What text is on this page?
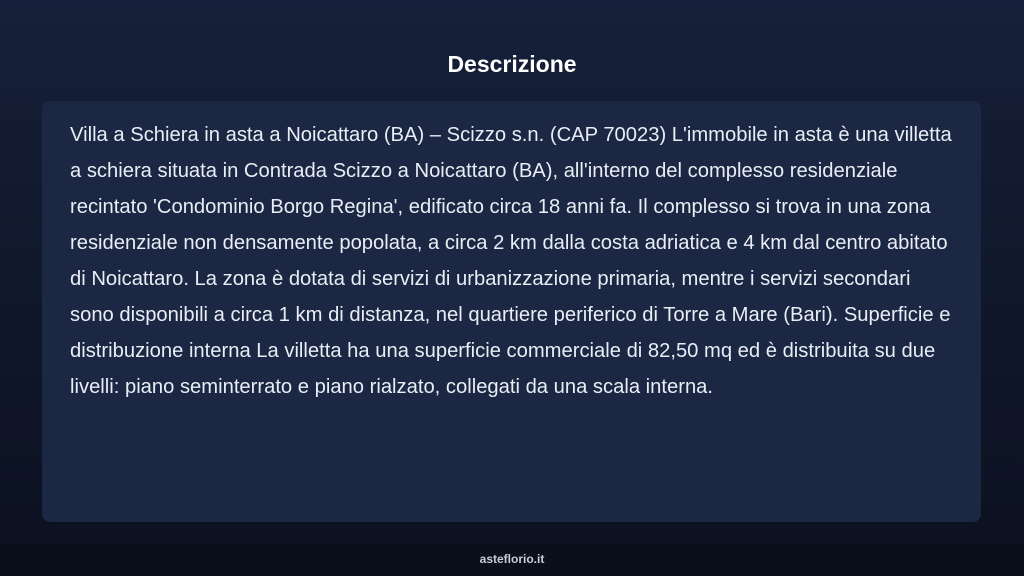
Descrizione

Villa a Schiera in asta a Noicattaro (BA) – Scizzo s.n. (CAP 70023) L'immobile in asta è una villetta a schiera situata in Contrada Scizzo a Noicattaro (BA), all'interno del complesso residenziale recintato 'Condominio Borgo Regina', edificato circa 18 anni fa. Il complesso si trova in una zona residenziale non densamente popolata, a circa 2 km dalla costa adriatica e 4 km dal centro abitato di Noicattaro. La zona è dotata di servizi di urbanizzazione primaria, mentre i servizi secondari sono disponibili a circa 1 km di distanza, nel quartiere periferico di Torre a Mare (Bari). Superficie e distribuzione interna La villetta ha una superficie commerciale di 82,50 mq ed è distribuita su due livelli: piano seminterrato e piano rialzato, collegati da una scala interna.

asteflorio.it
